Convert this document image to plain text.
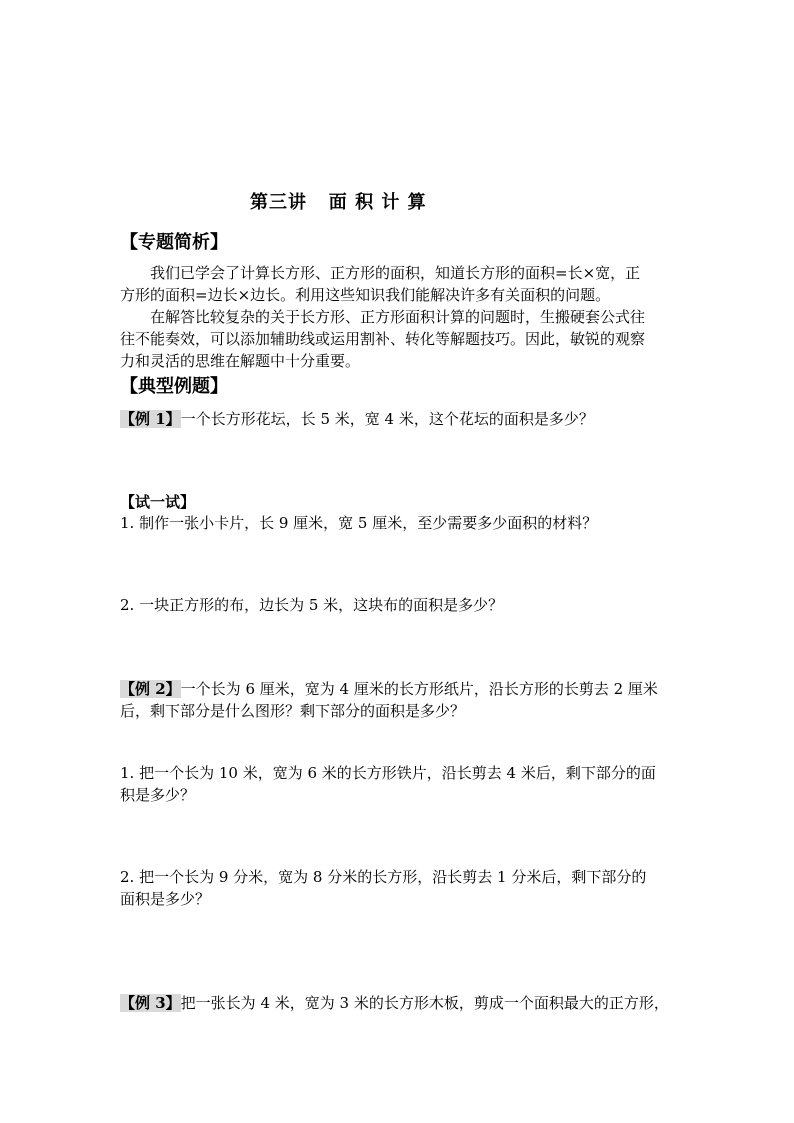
第三讲   面 积 计 算
【专题简析】
　　我们已学会了计算长方形、正方形的面积，知道长方形的面积=长×宽，正
方形的面积=边长×边长。利用这些知识我们能解决许多有关面积的问题。
　　在解答比较复杂的关于长方形、正方形面积计算的问题时，生搬硬套公式往
往不能奏效，可以添加辅助线或运用割补、转化等解题技巧。因此，敏锐的观察
力和灵活的思维在解题中十分重要。
【典型例题】
【例 1】一个长方形花坛，长 5 米，宽 4 米，这个花坛的面积是多少？
【试一试】
1. 制作一张小卡片，长 9 厘米，宽 5 厘米，至少需要多少面积的材料？
2. 一块正方形的布，边长为 5 米，这块布的面积是多少？
【例 2】一个长为 6 厘米，宽为 4 厘米的长方形纸片，沿长方形的长剪去 2 厘米
后，剩下部分是什么图形？剩下部分的面积是多少？
1. 把一个长为 10 米，宽为 6 米的长方形铁片，沿长剪去 4 米后，剩下部分的面
积是多少？
2. 把一个长为 9 分米，宽为 8 分米的长方形，沿长剪去 1 分米后，剩下部分的
面积是多少？
【例 3】把一张长为 4 米，宽为 3 米的长方形木板，剪成一个面积最大的正方形，
